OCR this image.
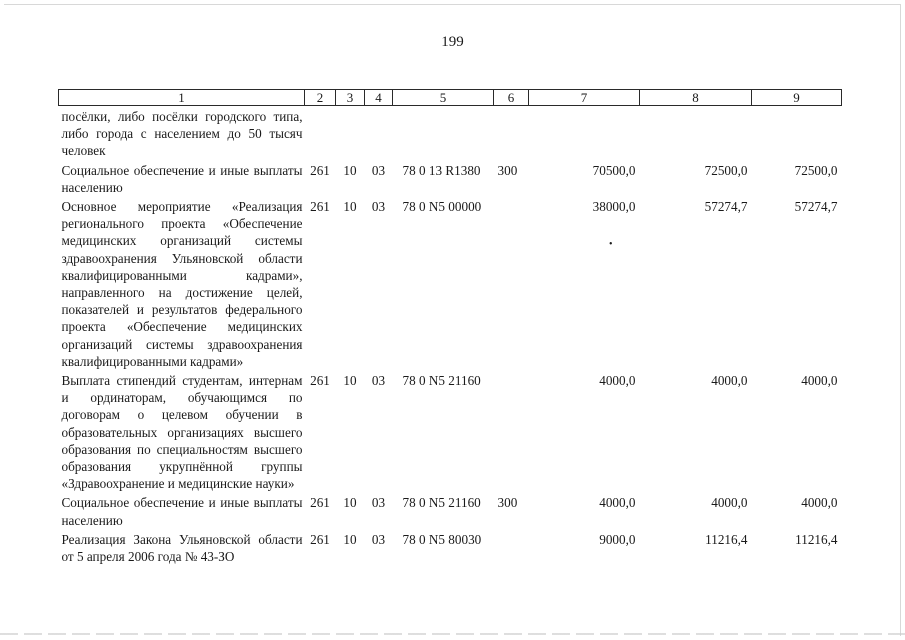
199
1	2	3	4	5	6	7	8	9
посёлки, либо посёлки городского типа, либо города с населением до 50 тысяч человек								
Социальное обеспечение и иные выплаты населению	261	10	03	78 0 13 R1380	300	70500,0	72500,0	72500,0
Основное мероприятие «Реализация регионального проекта «Обеспечение медицинских организаций системы здравоохранения Ульяновской области квалифицированными кадрами», направленного на достижение целей, показателей и результатов федерального проекта «Обеспечение медицинских организаций системы здравоохранения квалифицированными кадрами»	261	10	03	78 0 N5 00000		38000,0	57274,7	57274,7
Выплата стипендий студентам, интернам и ординаторам, обучающимся по договорам о целевом обучении в образовательных организациях высшего образования по специальностям высшего образования укрупнённой группы «Здравоохранение и медицинские науки»	261	10	03	78 0 N5 21160		4000,0	4000,0	4000,0
Социальное обеспечение и иные выплаты населению	261	10	03	78 0 N5 21160	300	4000,0	4000,0	4000,0
Реализация Закона Ульяновской области от 5 апреля 2006 года № 43-ЗО	261	10	03	78 0 N5 80030		9000,0	11216,4	11216,4
•
